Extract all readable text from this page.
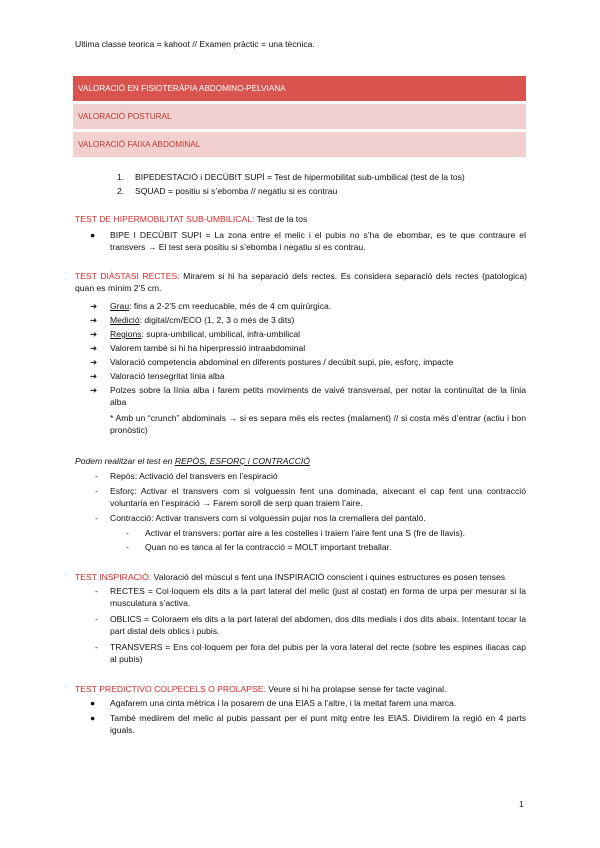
Ultima classe teorica = kahoot // Examen pràctic = una tècnica.
VALORACIÓ EN FISIOTERÀPIA ABDOMINO-PELVIANA
VALORACIÓ POSTURAL
VALORACIÓ FAIXA ABDOMINAL
1. BIPEDESTACIÓ i DECÚBIT SUPÍ = Test de hipermobilitat sub-umbilical (test de la tos)
2. SQUAD = positiu si s’ebomba // negatiu si es contrau
TEST DE HIPERMOBILITAT SUB-UMBILICAL: Test de la tos
● BIPE I DECÚBIT SUPI = La zona entre el melic i el pubis no s’ha de ebombar, es te que contraure el transvers → El test sera positiu si s’ebomba i negatiu si es contrau.
TEST DIÀSTASI RECTES: Mirarem si hi ha separació dels rectes. Es considera separació dels rectes (patologica) quan es mínim 2’5 cm.
➔ Grau: fins a 2-2’5 cm reeducable, més de 4 cm quirúrgica.
➔ Medició: digital/cm/ECO (1, 2, 3 o més de 3 dits)
➔ Regions: supra-umbilical, umbilical, infra-umbilical
➔ Valorem també si hi ha hiperpressió intraabdominal
➔ Valoració competencia abdominal en diferents postures / decúbit supi, pie, esforç, impacte
➔ Valoració tensegritat línia alba
➔ Polzes sobre la línia alba i farem petits moviments de vaivé transversal, per notar la continuïtat de la línia alba
* Amb un “crunch” abdominals → si es separa més els rectes (malament) // si costa més d’entrar (actiu i bon pronòstic)
Podem realitzar el test en REPÒS, ESFORÇ i CONTRACCIÓ
- Repòs: Activació del transvers en l’espiració
- Esforç: Activar el transvers com si volguessin fent una dominada, aixecant el cap fent una contracció voluntaria en l’espiració → Farem soroll de serp quan traiem l’aire.
- Contracció: Activar transvers com si volguessin pujar nos la cremallera del pantaló.
- Activar el transvers: portar aire a les costelles i traiem l’aire fent una S (fre de llavis).
- Quan no es tanca al fer la contracció = MOLT important treballar.
TEST INSPIRACIÓ: Valoració del múscul s fent una INSPIRACIÓ conscient i quines estructures es posen tenses
- RECTES = Col·loquem els dits a la part lateral del melic (just al costat) en forma de urpa per mesurar si la musculatura s’activa.
- OBLICS = Coloraem els dits a la part lateral del abdomen, dos dits medials i dos dits abaix. Intentant tocar la part distal dels oblics i pubis.
- TRANSVERS = Ens col·loquem per fora del pubis per la vora lateral del recte (sobre les espines iliacas cap al pubis)
TEST PREDICTIVO COLPECELS O PROLAPSE: Veure si hi ha prolapse sense fer tacte vaginal.
● Agafarem una cinta mètrica i la posarem de una EIAS a l’altre, i la meitat farem una marca.
● També mediirem del melic al pubis passant per el punt mitg entre les EIAS. Dividirem la regió en 4 parts iguals.
1
